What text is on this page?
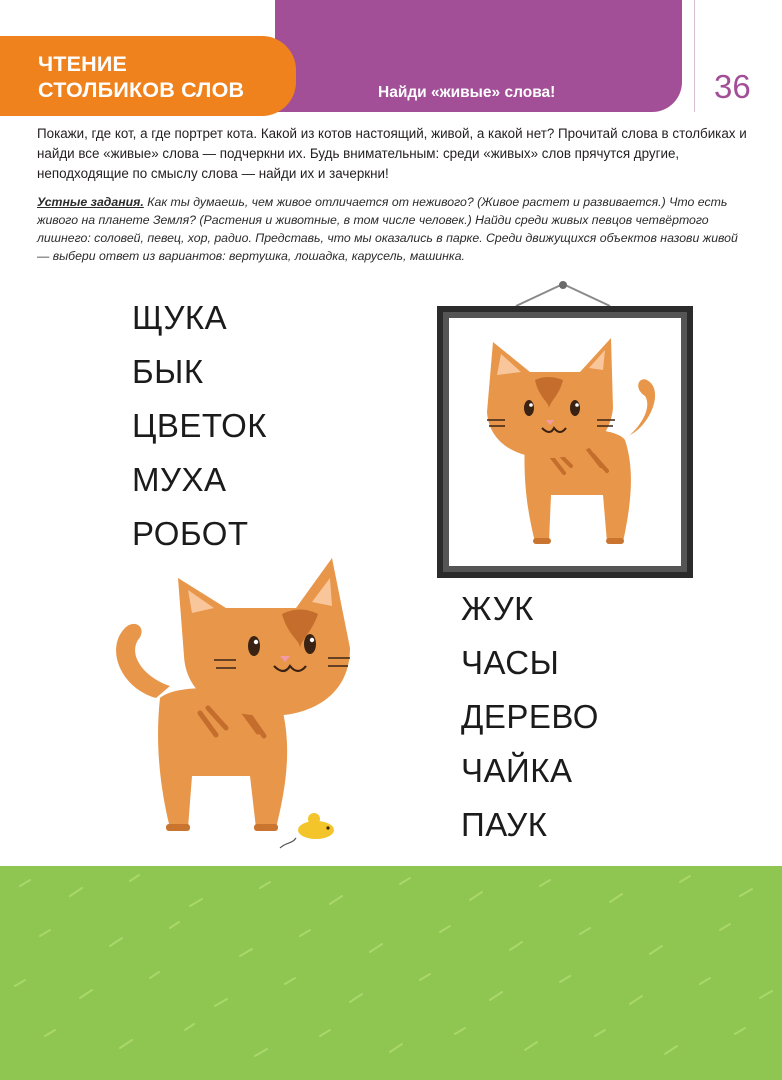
ЧТЕНИЕ
СТОЛБИКОВ СЛОВ	Найди «живые» слова!	36

Покажи, где кот, а где портрет кота. Какой из котов настоящий, живой, а какой нет? Прочитай слова в столбиках и найди все «живые» слова — подчеркни их. Будь внимательным: среди «живых» слов прячутся другие, неподходящие по смыслу слова — найди их и зачеркни!

Устные задания. Как ты думаешь, чем живое отличается от неживого? (Живое растет и развивается.) Что есть живого на планете Земля? (Растения и животные, в том числе человек.) Найди среди живых певцов четвёртого лишнего: соловей, певец, хор, радио. Представь, что мы оказались в парке. Среди движущихся объектов назови живой — выбери ответ из вариантов: вертушка, лошадка, карусель, машинка.

ЩУКА
БЫК
ЦВЕТОК
МУХА
РОБОТ
ЖУК
ЧАСЫ
ДЕРЕВО
ЧАЙКА
ПАУК
